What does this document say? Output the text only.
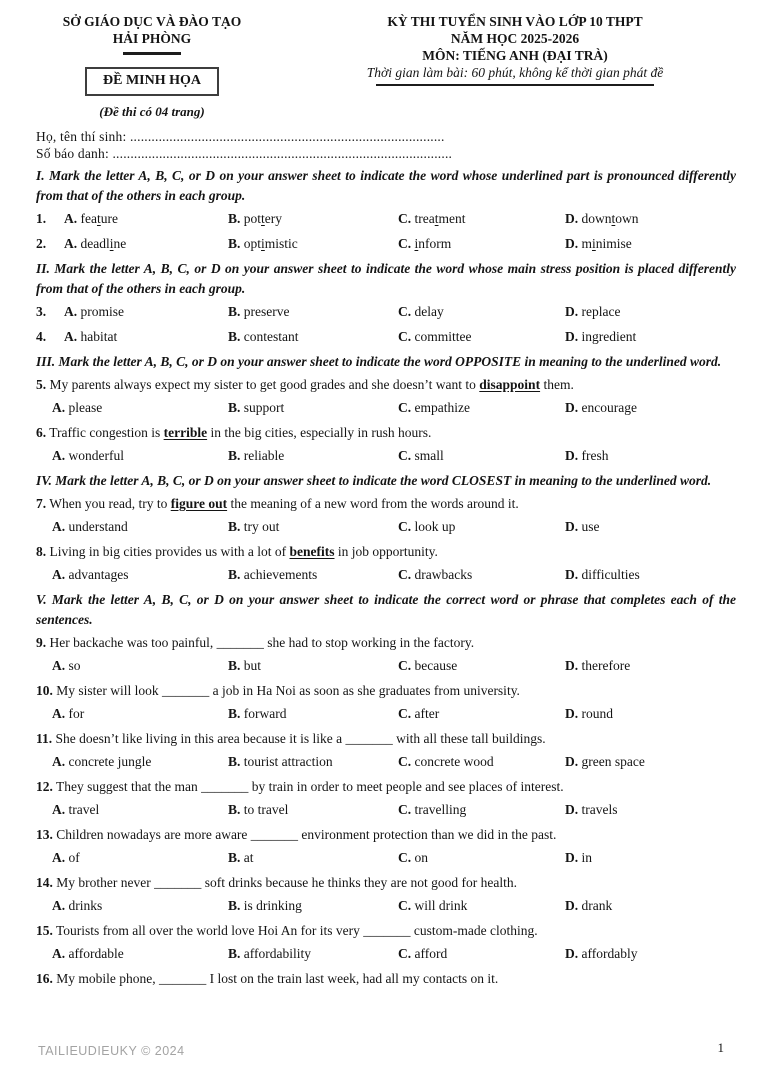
SỞ GIÁO DỤC VÀ ĐÀO TẠO
HẢI PHÒNG
ĐỀ MINH HỌA
(Đề thi có 04 trang)
KỲ THI TUYỂN SINH VÀO LỚP 10 THPT
NĂM HỌC 2025-2026
MÔN: TIẾNG ANH (ĐẠI TRÀ)
Thời gian làm bài: 60 phút, không kể thời gian phát đề
Họ, tên thí sinh: ........................................................................................
Số báo danh: ...............................................................................................

I. Mark the letter A, B, C, or D on your answer sheet to indicate the word whose underlined part is pronounced differently from that of the others in each group.

1.	A. feature	B. pottery	C. treatment	D. downtown
2.	A. deadline	B. optimistic	C. inform	D. minimise

II. Mark the letter A, B, C, or D on your answer sheet to indicate the word whose main stress position is placed differently from that of the others in each group.

3.	A. promise	B. preserve	C. delay	D. replace
4.	A. habitat	B. contestant	C. committee	D. ingredient

III. Mark the letter A, B, C, or D on your answer sheet to indicate the word OPPOSITE in meaning to the underlined word.

5. My parents always expect my sister to get good grades and she doesn’t want to disappoint them.

A. please	B. support	C. empathize	D. encourage

6. Traffic congestion is terrible in the big cities, especially in rush hours.

A. wonderful	B. reliable	C. small	D. fresh

IV. Mark the letter A, B, C, or D on your answer sheet to indicate the word CLOSEST in meaning to the underlined word.

7. When you read, try to figure out the meaning of a new word from the words around it.

A. understand	B. try out	C. look up	D. use

8. Living in big cities provides us with a lot of benefits in job opportunity.

A. advantages	B. achievements	C. drawbacks	D. difficulties

V. Mark the letter A, B, C, or D on your answer sheet to indicate the correct word or phrase that completes each of the sentences.

9. Her backache was too painful, _______ she had to stop working in the factory.

A. so	B. but	C. because	D. therefore

10. My sister will look _______ a job in Ha Noi as soon as she graduates from university.

A. for	B. forward	C. after	D. round

11. She doesn’t like living in this area because it is like a _______ with all these tall buildings.

A. concrete jungle	B. tourist attraction	C. concrete wood	D. green space

12. They suggest that the man _______ by train in order to meet people and see places of interest.

A. travel	B. to travel	C. travelling	D. travels

13. Children nowadays are more aware _______ environment protection than we did in the past.

A. of	B. at	C. on	D. in

14. My brother never _______ soft drinks because he thinks they are not good for health.

A. drinks	B. is drinking	C. will drink	D. drank

15. Tourists from all over the world love Hoi An for its very _______ custom-made clothing.

A. affordable	B. affordability	C. afford	D. affordably

16. My mobile phone, _______ I lost on the train last week, had all my contacts on it.

TAILIEUDIEUKY © 2024	1
